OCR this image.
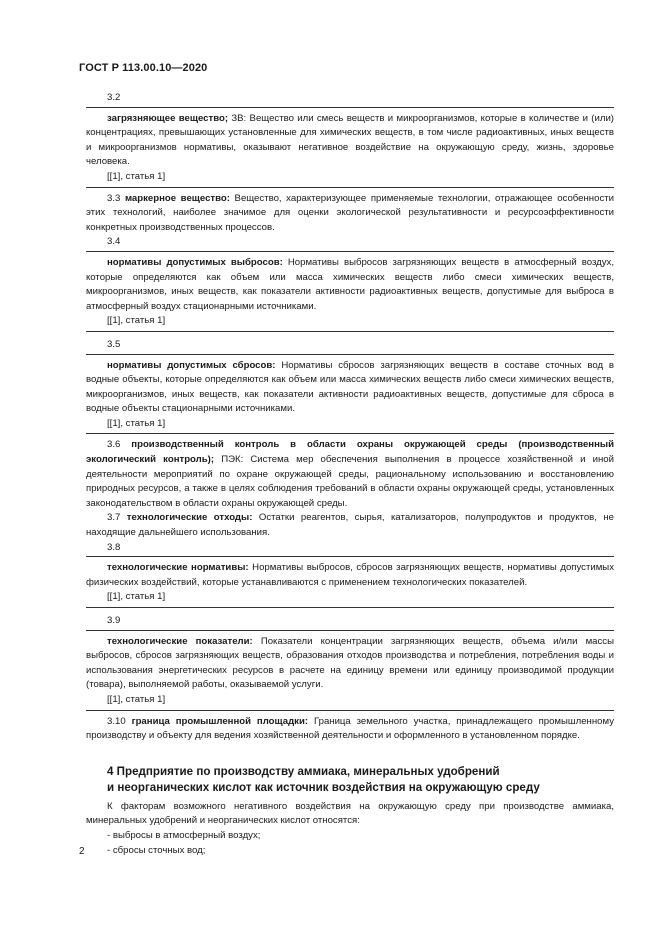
ГОСТ Р 113.00.10—2020
3.2

загрязняющее вещество; ЗВ: Вещество или смесь веществ и микроорганизмов, которые в количестве и (или) концентрациях, превышающих установленные для химических веществ, в том числе радиоактивных, иных веществ и микроорганизмов нормативы, оказывают негативное воздействие на окружающую среду, жизнь, здоровье человека.

[[1], статья 1]

3.3 маркерное вещество: Вещество, характеризующее применяемые технологии, отражающее особенности этих технологий, наиболее значимое для оценки экологической результативности и ресурсоэффективности конкретных производственных процессов.

3.4

нормативы допустимых выбросов: Нормативы выбросов загрязняющих веществ в атмосферный воздух, которые определяются как объем или масса химических веществ либо смеси химических веществ, микроорганизмов, иных веществ, как показатели активности радиоактивных веществ, допустимые для выброса в атмосферный воздух стационарными источниками.

[[1], статья 1]
3.5

нормативы допустимых сбросов: Нормативы сбросов загрязняющих веществ в составе сточных вод в водные объекты, которые определяются как объем или масса химических веществ либо смеси химических веществ, микроорганизмов, иных веществ, как показатели активности радиоактивных веществ, допустимые для сброса в водные объекты стационарными источниками.

[[1], статья 1]

3.6 производственный контроль в области охраны окружающей среды (производственный экологический контроль); ПЭК: Система мер обеспечения выполнения в процессе хозяйственной и иной деятельности мероприятий по охране окружающей среды, рациональному использованию и восстановлению природных ресурсов, а также в целях соблюдения требований в области охраны окружающей среды, установленных законодательством в области охраны окружающей среды.

3.7 технологические отходы: Остатки реагентов, сырья, катализаторов, полупродуктов и продуктов, не находящие дальнейшего использования.

3.8

технологические нормативы: Нормативы выбросов, сбросов загрязняющих веществ, нормативы допустимых физических воздействий, которые устанавливаются с применением технологических показателей.

[[1], статья 1]
3.9

технологические показатели: Показатели концентрации загрязняющих веществ, объема и/или массы выбросов, сбросов загрязняющих веществ, образования отходов производства и потребления, потребления воды и использования энергетических ресурсов в расчете на единицу времени или единицу производимой продукции (товара), выполняемой работы, оказываемой услуги.

[[1], статья 1]

3.10 граница промышленной площадки: Граница земельного участка, принадлежащего промышленному производству и объекту для ведения хозяйственной деятельности и оформленного в установленном порядке.

4 Предприятие по производству аммиака, минеральных удобрений
и неорганических кислот как источник воздействия на окружающую среду

К факторам возможного негативного воздействия на окружающую среду при производстве аммиака, минеральных удобрений и неорганических кислот относятся:

- выбросы в атмосферный воздух;
- сбросы сточных вод;
2
